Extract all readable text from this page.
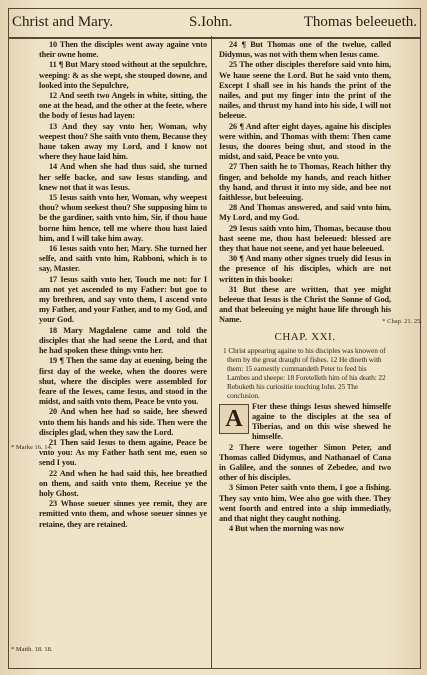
Christ and Mary.	S.Iohn.	Thomas beleeueth.

10 Then the disciples went away againe vnto their owne home.

11 ¶ But Mary stood without at the sepulchre, weeping: & as she wept, she stouped downe, and looked into the Sepulchre,

12 And seeth two Angels in white, sitting, the one at the head, and the other at the feete, where the body of Iesus had layen:

13 And they say vnto her, Woman, why weepest thou? She saith vnto them, Because they haue taken away my Lord, and I know not where they haue laid him.

14 And when she had thus said, she turned her selfe backe, and saw Iesus standing, and knew not that it was Iesus.

15 Iesus saith vnto her, Woman, why weepest thou? whom seekest thou? She supposing him to be the gardiner, saith vnto him, Sir, if thou haue borne him hence, tell me where thou hast laied him, and I will take him away.

16 Iesus saith vnto her, Mary. She turned her selfe, and saith vnto him, Rabboni, which is to say, Master.

17 Iesus saith vnto her, Touch me not: for I am not yet ascended to my Father: but goe to my brethren, and say vnto them, I ascend vnto my Father, and your Father, and to my God, and your God.

18 Mary Magdalene came and told the disciples that she had seene the Lord, and that he had spoken these things vnto her.

19 ¶ Then the same day at euening, being the first day of the weeke, when the doores were shut, where the disciples were assembled for feare of the Iewes, came Iesus, and stood in the midst, and saith vnto them, Peace be vnto you.

20 And when hee had so saide, hee shewed vnto them his hands and his side. Then were the disciples glad, when they saw the Lord.

21 Then said Iesus to them againe, Peace be vnto you: As my Father hath sent me, euen so send I you.

22 And when he had said this, hee breathed on them, and saith vnto them, Receiue ye the holy Ghost.

23 Whose soeuer sinnes yee remit, they are remitted vnto them, and whose soeuer sinnes ye retaine, they are retained.

24 ¶ But Thomas one of the twelue, called Didymus, was not with them when Iesus came.

25 The other disciples therefore said vnto him, We haue seene the Lord. But he said vnto them, Except I shall see in his hands the print of the nailes, and put my finger into the print of the nailes, and thrust my hand into his side, I will not beleeue.

26 ¶ And after eight dayes, againe his disciples were within, and Thomas with them: Then came Iesus, the doores being shut, and stood in the midst, and said, Peace be vnto you.

27 Then saith he to Thomas, Reach hither thy finger, and beholde my hands, and reach hither thy hand, and thrust it into my side, and bee not faithlesse, but beleeuing.

28 And Thomas answered, and said vnto him, My Lord, and my God.

29 Iesus saith vnto him, Thomas, because thou hast seene me, thou hast beleeued: blessed are they that haue not seene, and yet haue beleeued.

30 ¶ And many other signes truely did Iesus in the presence of his disciples, which are not written in this booke:

31 But these are written, that yee might beleeue that Iesus is the Christ the Sonne of God, and that beleeuing ye might haue life through his Name.

CHAP. XXI.

1 Christ appearing againe to his disciples was knowen of them by the great draught of fishes. 12 He dineth with them: 15 earnestly commandeth Peter to feed his Lambes and sheepe: 18 Foretelleth him of his death: 22 Rebuketh his curiositie touching Iohn. 25 The conclusion.

A	Fter these things Iesus shewed himselfe againe to the disciples at the sea of Tiberias, and on this wise shewed he himselfe.

2 There were together Simon Peter, and Thomas called Didymus, and Nathanael of Cana in Galilee, and the sonnes of Zebedee, and two other of his disciples.

3 Simon Peter saith vnto them, I goe a fishing. They say vnto him, Wee also goe with thee. They went foorth and entred into a ship immediatly, and that night they caught nothing.

4 But when the morning was now

* Marke 16. 14.
* Matth. 18. 18.
* Chap. 21. 25.
